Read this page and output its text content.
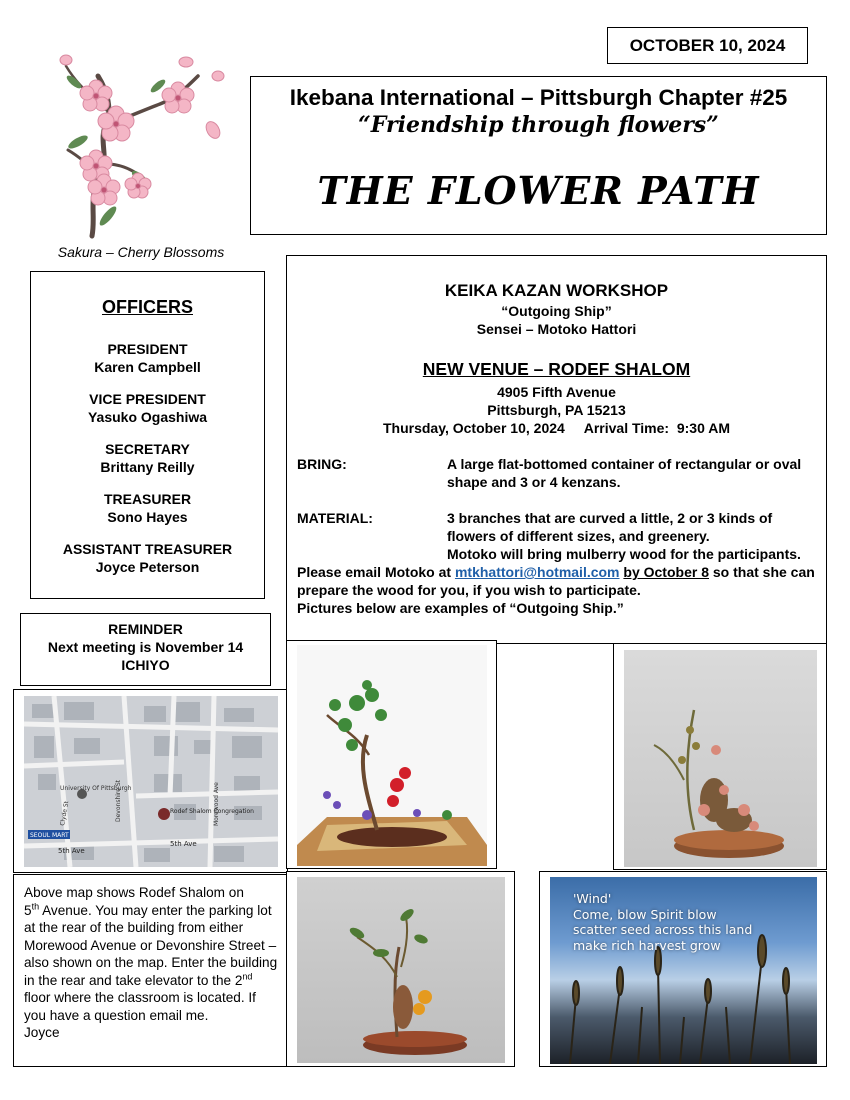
OCTOBER 10, 2024
Ikebana International – Pittsburgh Chapter #25
“Friendship through flowers”
THE FLOWER PATH
Sakura – Cherry Blossoms
OFFICERS
PRESIDENT
Karen Campbell
VICE PRESIDENT
Yasuko Ogashiwa
SECRETARY
Brittany Reilly
TREASURER
Sono Hayes
ASSISTANT TREASURER
Joyce Peterson
REMINDER
Next meeting is November 14
ICHIYO
University Of Pittsburgh
Rodef Shalom Congregation
SEOUL MART
5th Ave
5th Ave
Devonshire St	Morewood Ave
Clyde St
Above map shows Rodef Shalom on
5th Avenue. You may enter the parking lot at the rear of the building from either Morewood Avenue or Devonshire Street – also shown on the map. Enter the building in the rear and take elevator to the 2nd floor where the classroom is located. If you have a question email me.
Joyce
KEIKA KAZAN WORKSHOP
“Outgoing Ship”
Sensei – Motoko Hattori
NEW VENUE – RODEF SHALOM
4905 Fifth Avenue
Pittsburgh, PA 15213
Thursday, October 10, 2024     Arrival Time:  9:30 AM
BRING:	A large flat-bottomed container of rectangular or oval shape and 3 or 4 kenzans.
MATERIAL:	3 branches that are curved a little, 2 or 3 kinds of flowers of different sizes, and greenery.
Motoko will bring mulberry wood for the participants.
Please email Motoko at mtkhattori@hotmail.com by October 8 so that she can prepare the wood for you, if you wish to participate.
Pictures below are examples of “Outgoing Ship.”
'Wind'
Come, blow Spirit blow
scatter seed across this land
make rich harvest grow
